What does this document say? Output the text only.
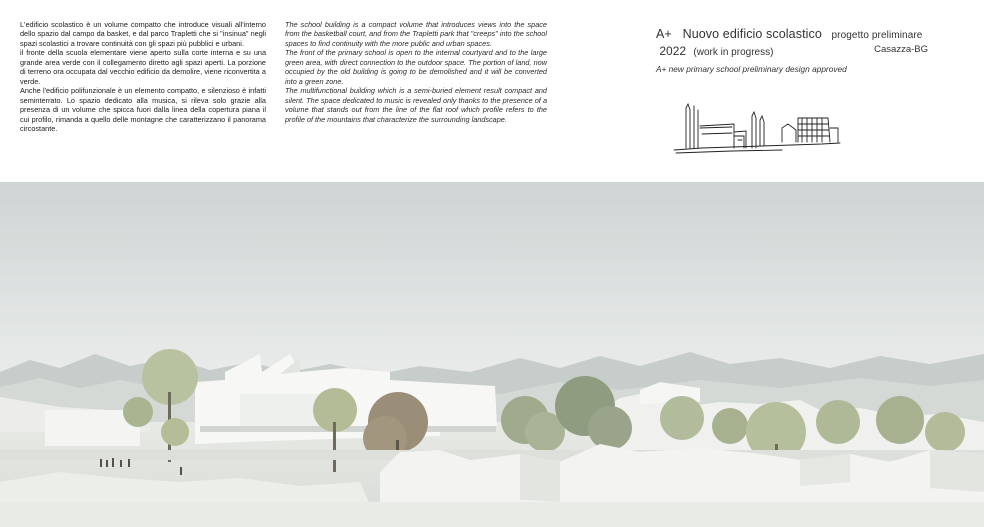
L'edificio scolastico è un volume compatto che introduce visuali all'interno dello spazio dal campo da basket, e dal parco Trapletti che si "insinua" negli spazi scolastici a trovare continuità con gli spazi più pubblici e urbani.

il fronte della scuola elementare viene aperto sulla corte interna e su una grande area verde con il collegamento diretto agli spazi aperti. La porzione di terreno ora occupata dal vecchio edificio da demolire, viene riconvertita a verde.

Anche l'edificio polifunzionale è un elemento compatto, e silenzioso è infatti seminterrato. Lo spazio dedicato alla musica, si rileva solo grazie alla presenza di un volume che spicca fuori dalla linea della copertura piana il cui profilo, rimanda a quello delle montagne che caratterizzano il panorama circostante.

The school building is a compact volume that introduces views into the space from the basketball court, and from the Trapletti park that "creeps" into the school spaces to find continuity with the more public and urban spaces.

The front of the primary school is open to the internal courtyard and to the large green area, with direct connection to the outdoor space. The portion of land, now occupied by the old building is going to be demolished and it will be converted into a green zone.

The multifunctional building which is a semi-buried element result compact and silent. The space dedicated to music is revealed only thanks to the presence of a volume that stands out from the line of the flat roof which profile refers to the profile of the mountains that characterize the surrounding landscape.

A+ Nuovo edificio scolastico progetto preliminare
2022 (work in progress)	Casazza-BG
A+ new primary school preliminary design approved
